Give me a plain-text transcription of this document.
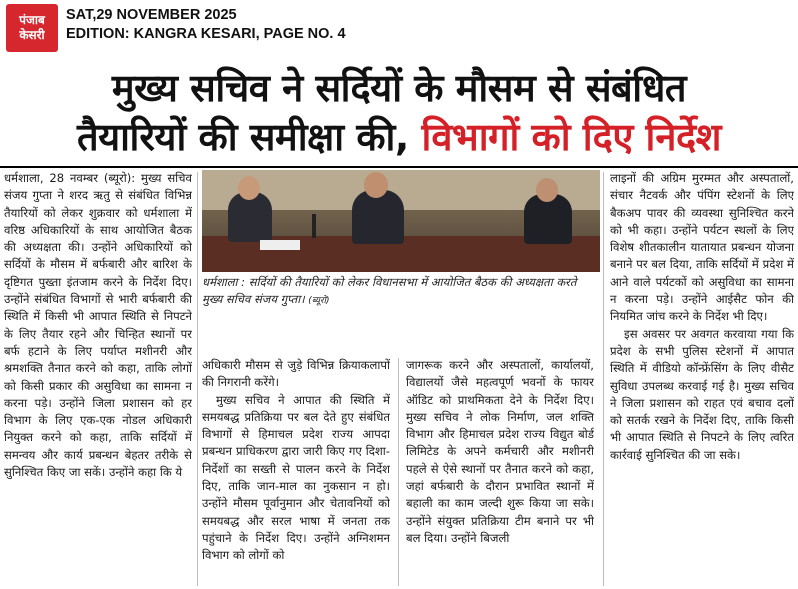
पंजाब
केसरी
SAT,29 NOVEMBER 2025
EDITION: KANGRA KESARI, PAGE NO. 4
मुख्य सचिव ने सर्दियों के मौसम से संबंधित
तैयारियों की समीक्षा की, विभागों को दिए निर्देश

धर्मशाला, 28 नवम्बर (ब्यूरो): मुख्य सचिव संजय गुप्ता ने शरद ऋतु से संबंधित विभिन्न तैयारियों को लेकर शुक्रवार को धर्मशाला में वरिष्ठ अधिकारियों के साथ आयोजित बैठक की अध्यक्षता की। उन्होंने अधिकारियों को सर्दियों के मौसम में बर्फबारी और बारिश के दृष्टिगत पुख्ता इंतजाम करने के निर्देश दिए। उन्होंने संबंधित विभागों से भारी बर्फबारी की स्थिति में किसी भी आपात स्थिति से निपटने के लिए तैयार रहने और चिन्हित स्थानों पर बर्फ हटाने के लिए पर्याप्त मशीनरी और श्रमशक्ति तैनात करने को कहा, ताकि लोगों को किसी प्रकार की असुविधा का सामना न करना पड़े। उन्होंने जिला प्रशासन को हर विभाग के लिए एक-एक नोडल अधिकारी नियुक्त करने को कहा, ताकि सर्दियों में समन्वय और कार्य प्रबन्धन बेहतर तरीके से सुनिश्चित किए जा सकें। उन्होंने कहा कि ये

धर्मशाला : सर्दियों की तैयारियों को लेकर विधानसभा में आयोजित बैठक की अध्यक्षता करते मुख्य सचिव संजय गुप्ता। (ब्यूरो)

अधिकारी मौसम से जुड़े विभिन्न क्रियाकलापों की निगरानी करेंगे।

मुख्य सचिव ने आपात की स्थिति में समयबद्ध प्रतिक्रिया पर बल देते हुए संबंधित विभागों से हिमाचल प्रदेश राज्य आपदा प्रबन्धन प्राधिकरण द्वारा जारी किए गए दिशा-निर्देशों का सख्ती से पालन करने के निर्देश दिए, ताकि जान-माल का नुकसान न हो। उन्होंने मौसम पूर्वानुमान और चेतावनियों को समयबद्ध और सरल भाषा में जनता तक पहुंचाने के निर्देश दिए। उन्होंने अग्निशमन विभाग को लोगों को

जागरूक करने और अस्पतालों, कार्यालयों, विद्यालयों जैसे महत्वपूर्ण भवनों के फायर ऑडिट को प्राथमिकता देने के निर्देश दिए। मुख्य सचिव ने लोक निर्माण, जल शक्ति विभाग और हिमाचल प्रदेश राज्य विद्युत बोर्ड लिमिटेड के अपने कर्मचारी और मशीनरी पहले से ऐसे स्थानों पर तैनात करने को कहा, जहां बर्फबारी के दौरान प्रभावित स्थानों में बहाली का काम जल्दी शुरू किया जा सके। उन्होंने संयुक्त प्रतिक्रिया टीम बनाने पर भी बल दिया। उन्होंने बिजली

लाइनों की अग्रिम मुरम्मत और अस्पतालों, संचार नैटवर्क और पंपिंग स्टेशनों के लिए बैकअप पावर की व्यवस्था सुनिश्चित करने को भी कहा। उन्होंने पर्यटन स्थलों के लिए विशेष शीतकालीन यातायात प्रबन्धन योजना बनाने पर बल दिया, ताकि सर्दियों में प्रदेश में आने वाले पर्यटकों को असुविधा का सामना न करना पड़े। उन्होंने आईसैट फोन की नियमित जांच करने के निर्देश भी दिए।

इस अवसर पर अवगत करवाया गया कि प्रदेश के सभी पुलिस स्टेशनों में आपात स्थिति में वीडियो कॉन्फ्रेंसिंग के लिए वीसैट सुविधा उपलब्ध करवाई गई है। मुख्य सचिव ने जिला प्रशासन को राहत एवं बचाव दलों को सतर्क रखने के निर्देश दिए, ताकि किसी भी आपात स्थिति से निपटने के लिए त्वरित कार्रवाई सुनिश्चित की जा सके।
